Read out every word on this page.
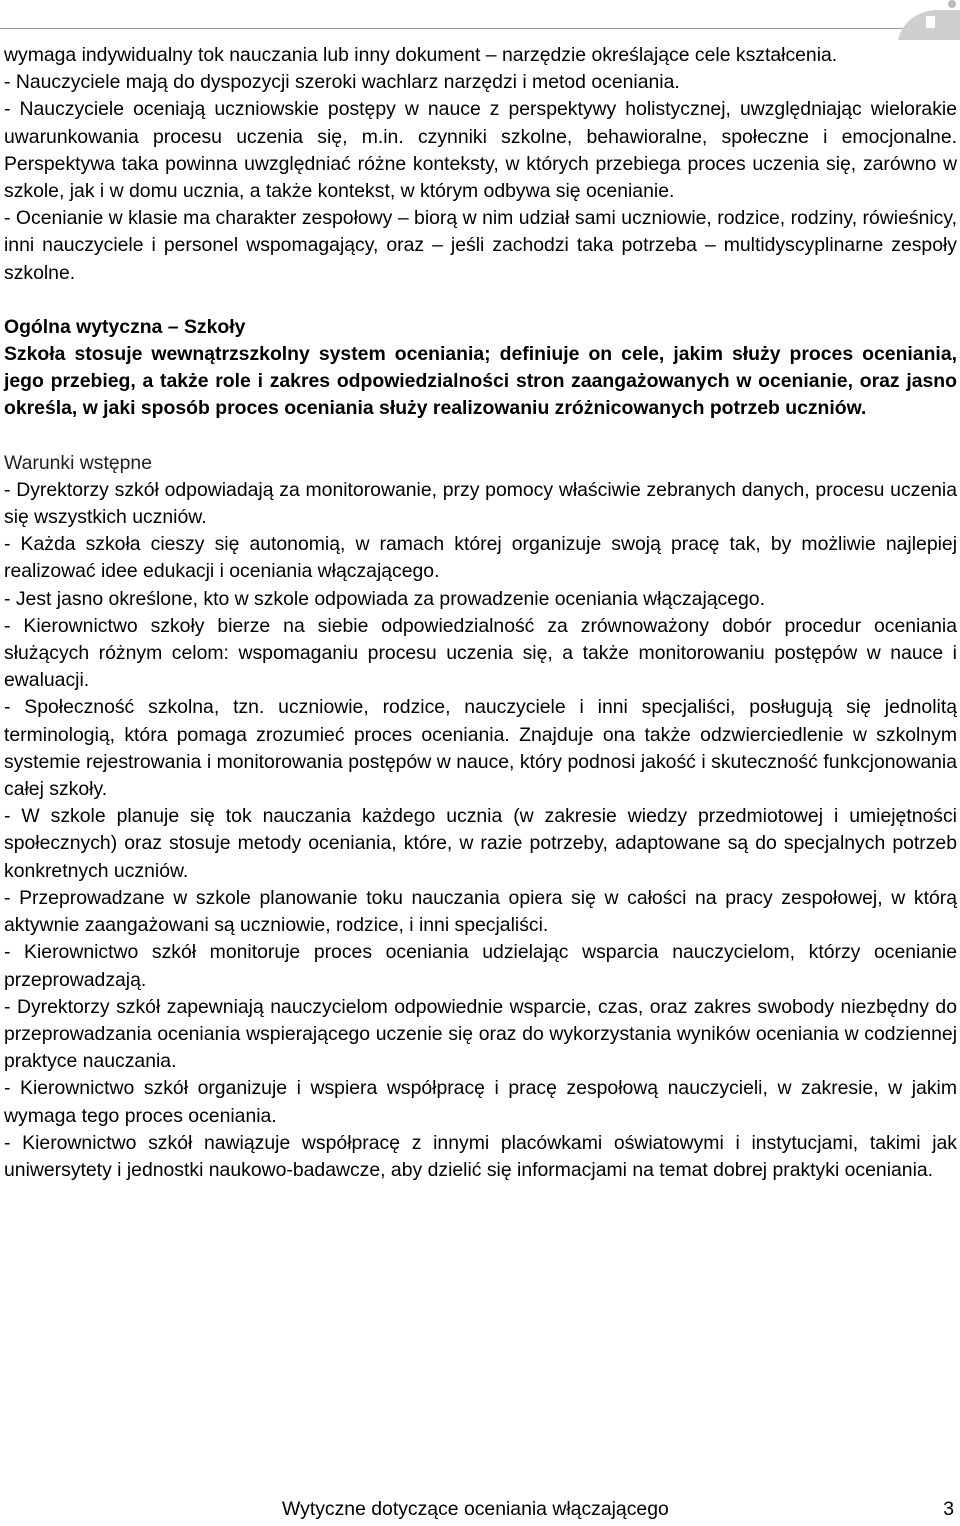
wymaga indywidualny tok nauczania lub inny dokument – narzędzie określające cele kształcenia.

- Nauczyciele mają do dyspozycji szeroki wachlarz narzędzi i metod oceniania.

- Nauczyciele oceniają uczniowskie postępy w nauce z perspektywy holistycznej, uwzględniając wielorakie uwarunkowania procesu uczenia się, m.in. czynniki szkolne, behawioralne, społeczne i emocjonalne. Perspektywa taka powinna uwzględniać różne konteksty, w których przebiega proces uczenia się, zarówno w szkole, jak i w domu ucznia, a także kontekst, w którym odbywa się ocenianie.

- Ocenianie w klasie ma charakter zespołowy – biorą w nim udział sami uczniowie, rodzice, rodziny, rówieśnicy, inni nauczyciele i personel wspomagający, oraz – jeśli zachodzi taka potrzeba – multidyscyplinarne zespoły szkolne.

Ogólna wytyczna – Szkoły

Szkoła stosuje wewnątrzszkolny system oceniania; definiuje on cele, jakim służy proces oceniania, jego przebieg, a także role i zakres odpowiedzialności stron zaangażowanych w ocenianie, oraz jasno określa, w jaki sposób proces oceniania służy realizowaniu zróżnicowanych potrzeb uczniów.

Warunki wstępne

- Dyrektorzy szkół odpowiadają za monitorowanie, przy pomocy właściwie zebranych danych, procesu uczenia się wszystkich uczniów.

- Każda szkoła cieszy się autonomią, w ramach której organizuje swoją pracę tak, by możliwie najlepiej realizować idee edukacji i oceniania włączającego.

- Jest jasno określone, kto w szkole odpowiada za prowadzenie oceniania włączającego.

- Kierownictwo szkoły bierze na siebie odpowiedzialność za zrównoważony dobór procedur oceniania służących różnym celom: wspomaganiu procesu uczenia się, a także monitorowaniu postępów w nauce i ewaluacji.

- Społeczność szkolna, tzn. uczniowie, rodzice, nauczyciele i inni specjaliści, posługują się jednolitą terminologią, która pomaga zrozumieć proces oceniania. Znajduje ona także odzwierciedlenie w szkolnym systemie rejestrowania i monitorowania postępów w nauce, który podnosi jakość i skuteczność funkcjonowania całej szkoły.

- W szkole planuje się tok nauczania każdego ucznia (w zakresie wiedzy przedmiotowej i umiejętności społecznych) oraz stosuje metody oceniania, które, w razie potrzeby, adaptowane są do specjalnych potrzeb konkretnych uczniów.

- Przeprowadzane w szkole planowanie toku nauczania opiera się w całości na pracy zespołowej, w którą aktywnie zaangażowani są uczniowie, rodzice, i inni specjaliści.

- Kierownictwo szkół monitoruje proces oceniania udzielając wsparcia nauczycielom, którzy ocenianie przeprowadzają.

- Dyrektorzy szkół zapewniają nauczycielom odpowiednie wsparcie, czas, oraz zakres swobody niezbędny do przeprowadzania oceniania wspierającego uczenie się oraz do wykorzystania wyników oceniania w codziennej praktyce nauczania.

- Kierownictwo szkół organizuje i wspiera współpracę i pracę zespołową nauczycieli, w zakresie, w jakim wymaga tego proces oceniania.

- Kierownictwo szkół nawiązuje współpracę z innymi placówkami oświatowymi i instytucjami, takimi jak uniwersytety i jednostki naukowo-badawcze, aby dzielić się informacjami na temat dobrej praktyki oceniania.

Wytyczne dotyczące oceniania włączającego	3
